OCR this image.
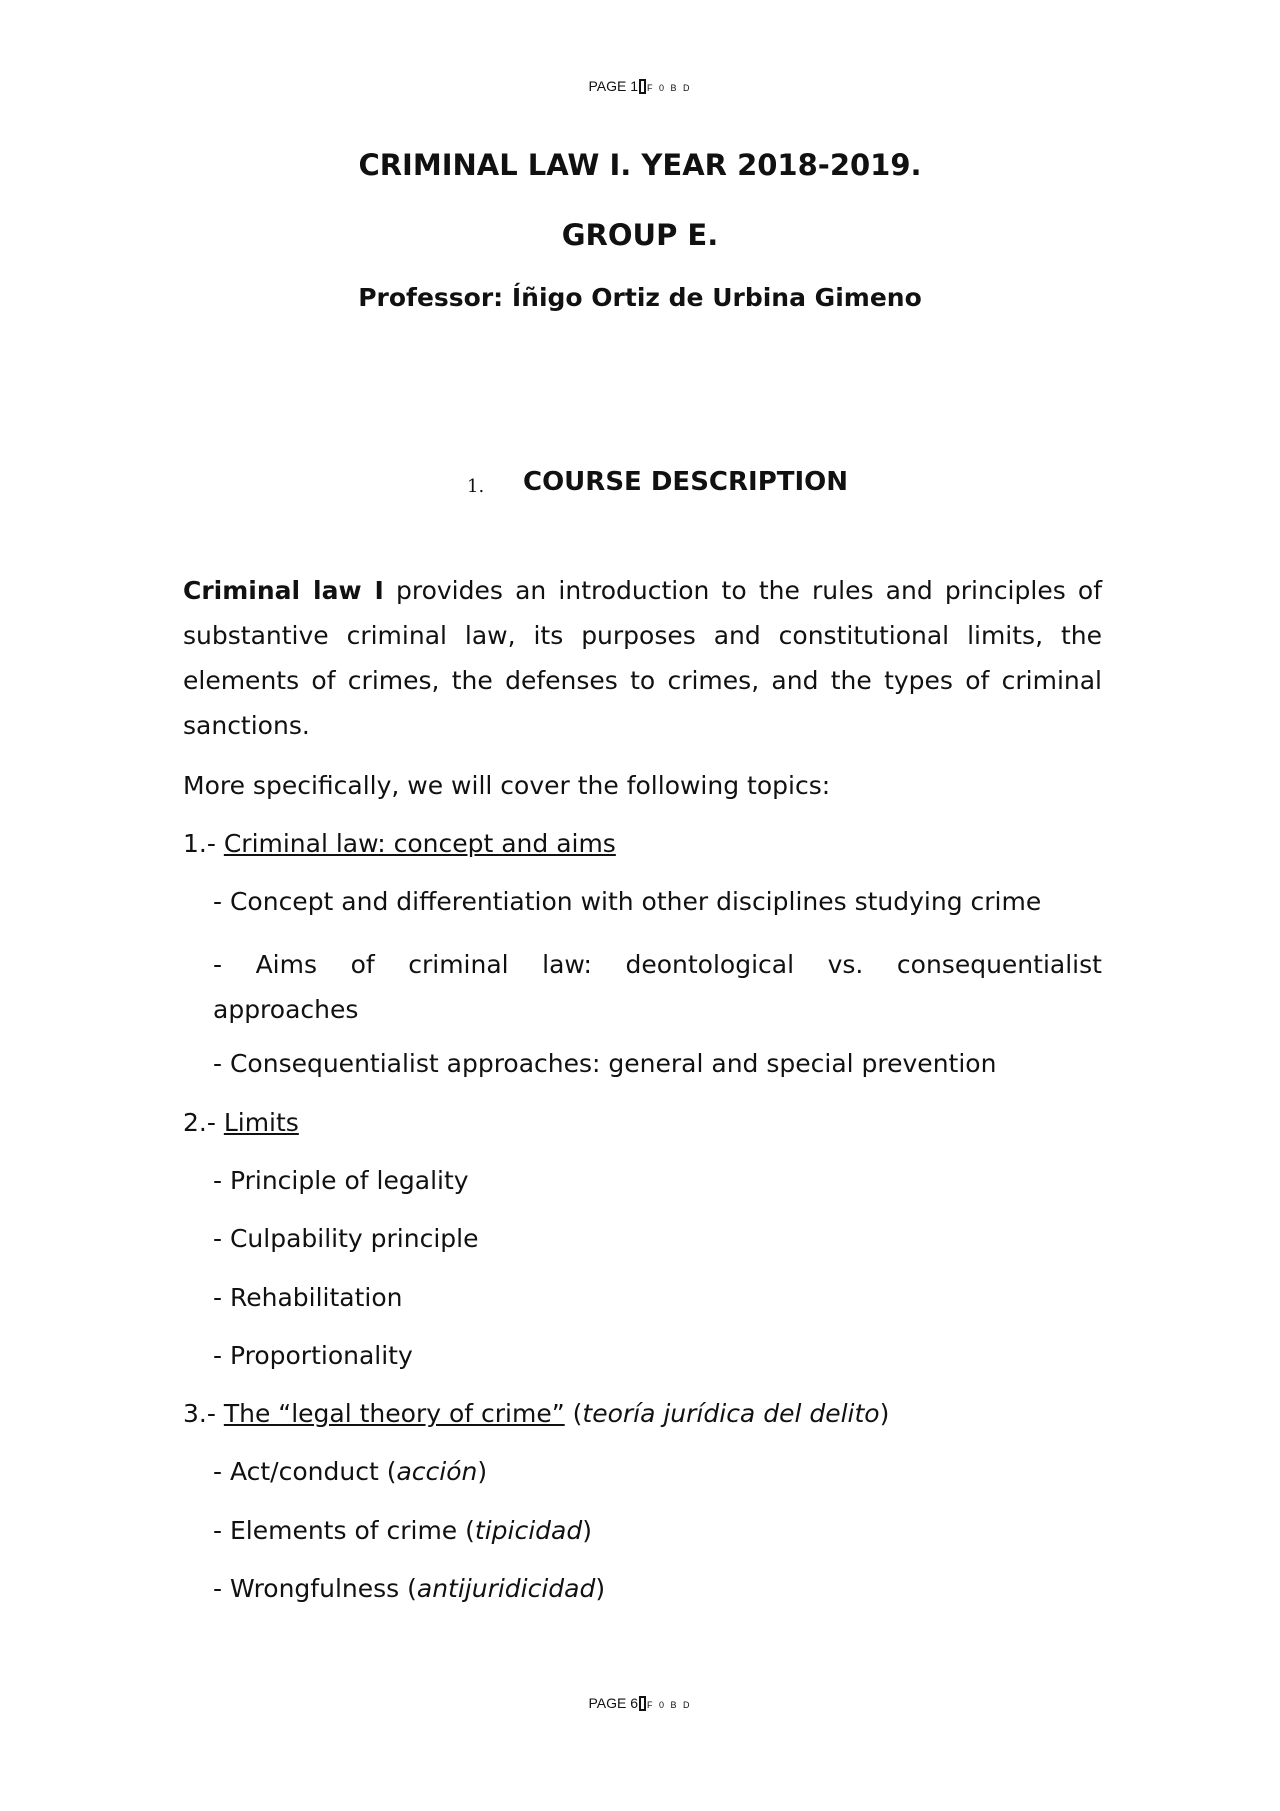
PAGE 1 F 0 B D
CRIMINAL LAW I. YEAR 2018-2019.
GROUP E.
Professor: Íñigo Ortiz de Urbina Gimeno
1. COURSE DESCRIPTION

Criminal law I provides an introduction to the rules and principles of substantive criminal law, its purposes and constitutional limits, the elements of crimes, the defenses to crimes, and the types of criminal sanctions.

More specifically, we will cover the following topics:
1.- Criminal law: concept and aims
- Concept and differentiation with other disciplines studying crime
- Aims of criminal law: deontological vs. consequentialist
approaches
- Consequentialist approaches: general and special prevention
2.- Limits
- Principle of legality
- Culpability principle
- Rehabilitation
- Proportionality
3.- The “legal theory of crime” (teoría jurídica del delito)
- Act/conduct (acción)
- Elements of crime (tipicidad)
- Wrongfulness (antijuridicidad)
PAGE 6 F 0 B D
